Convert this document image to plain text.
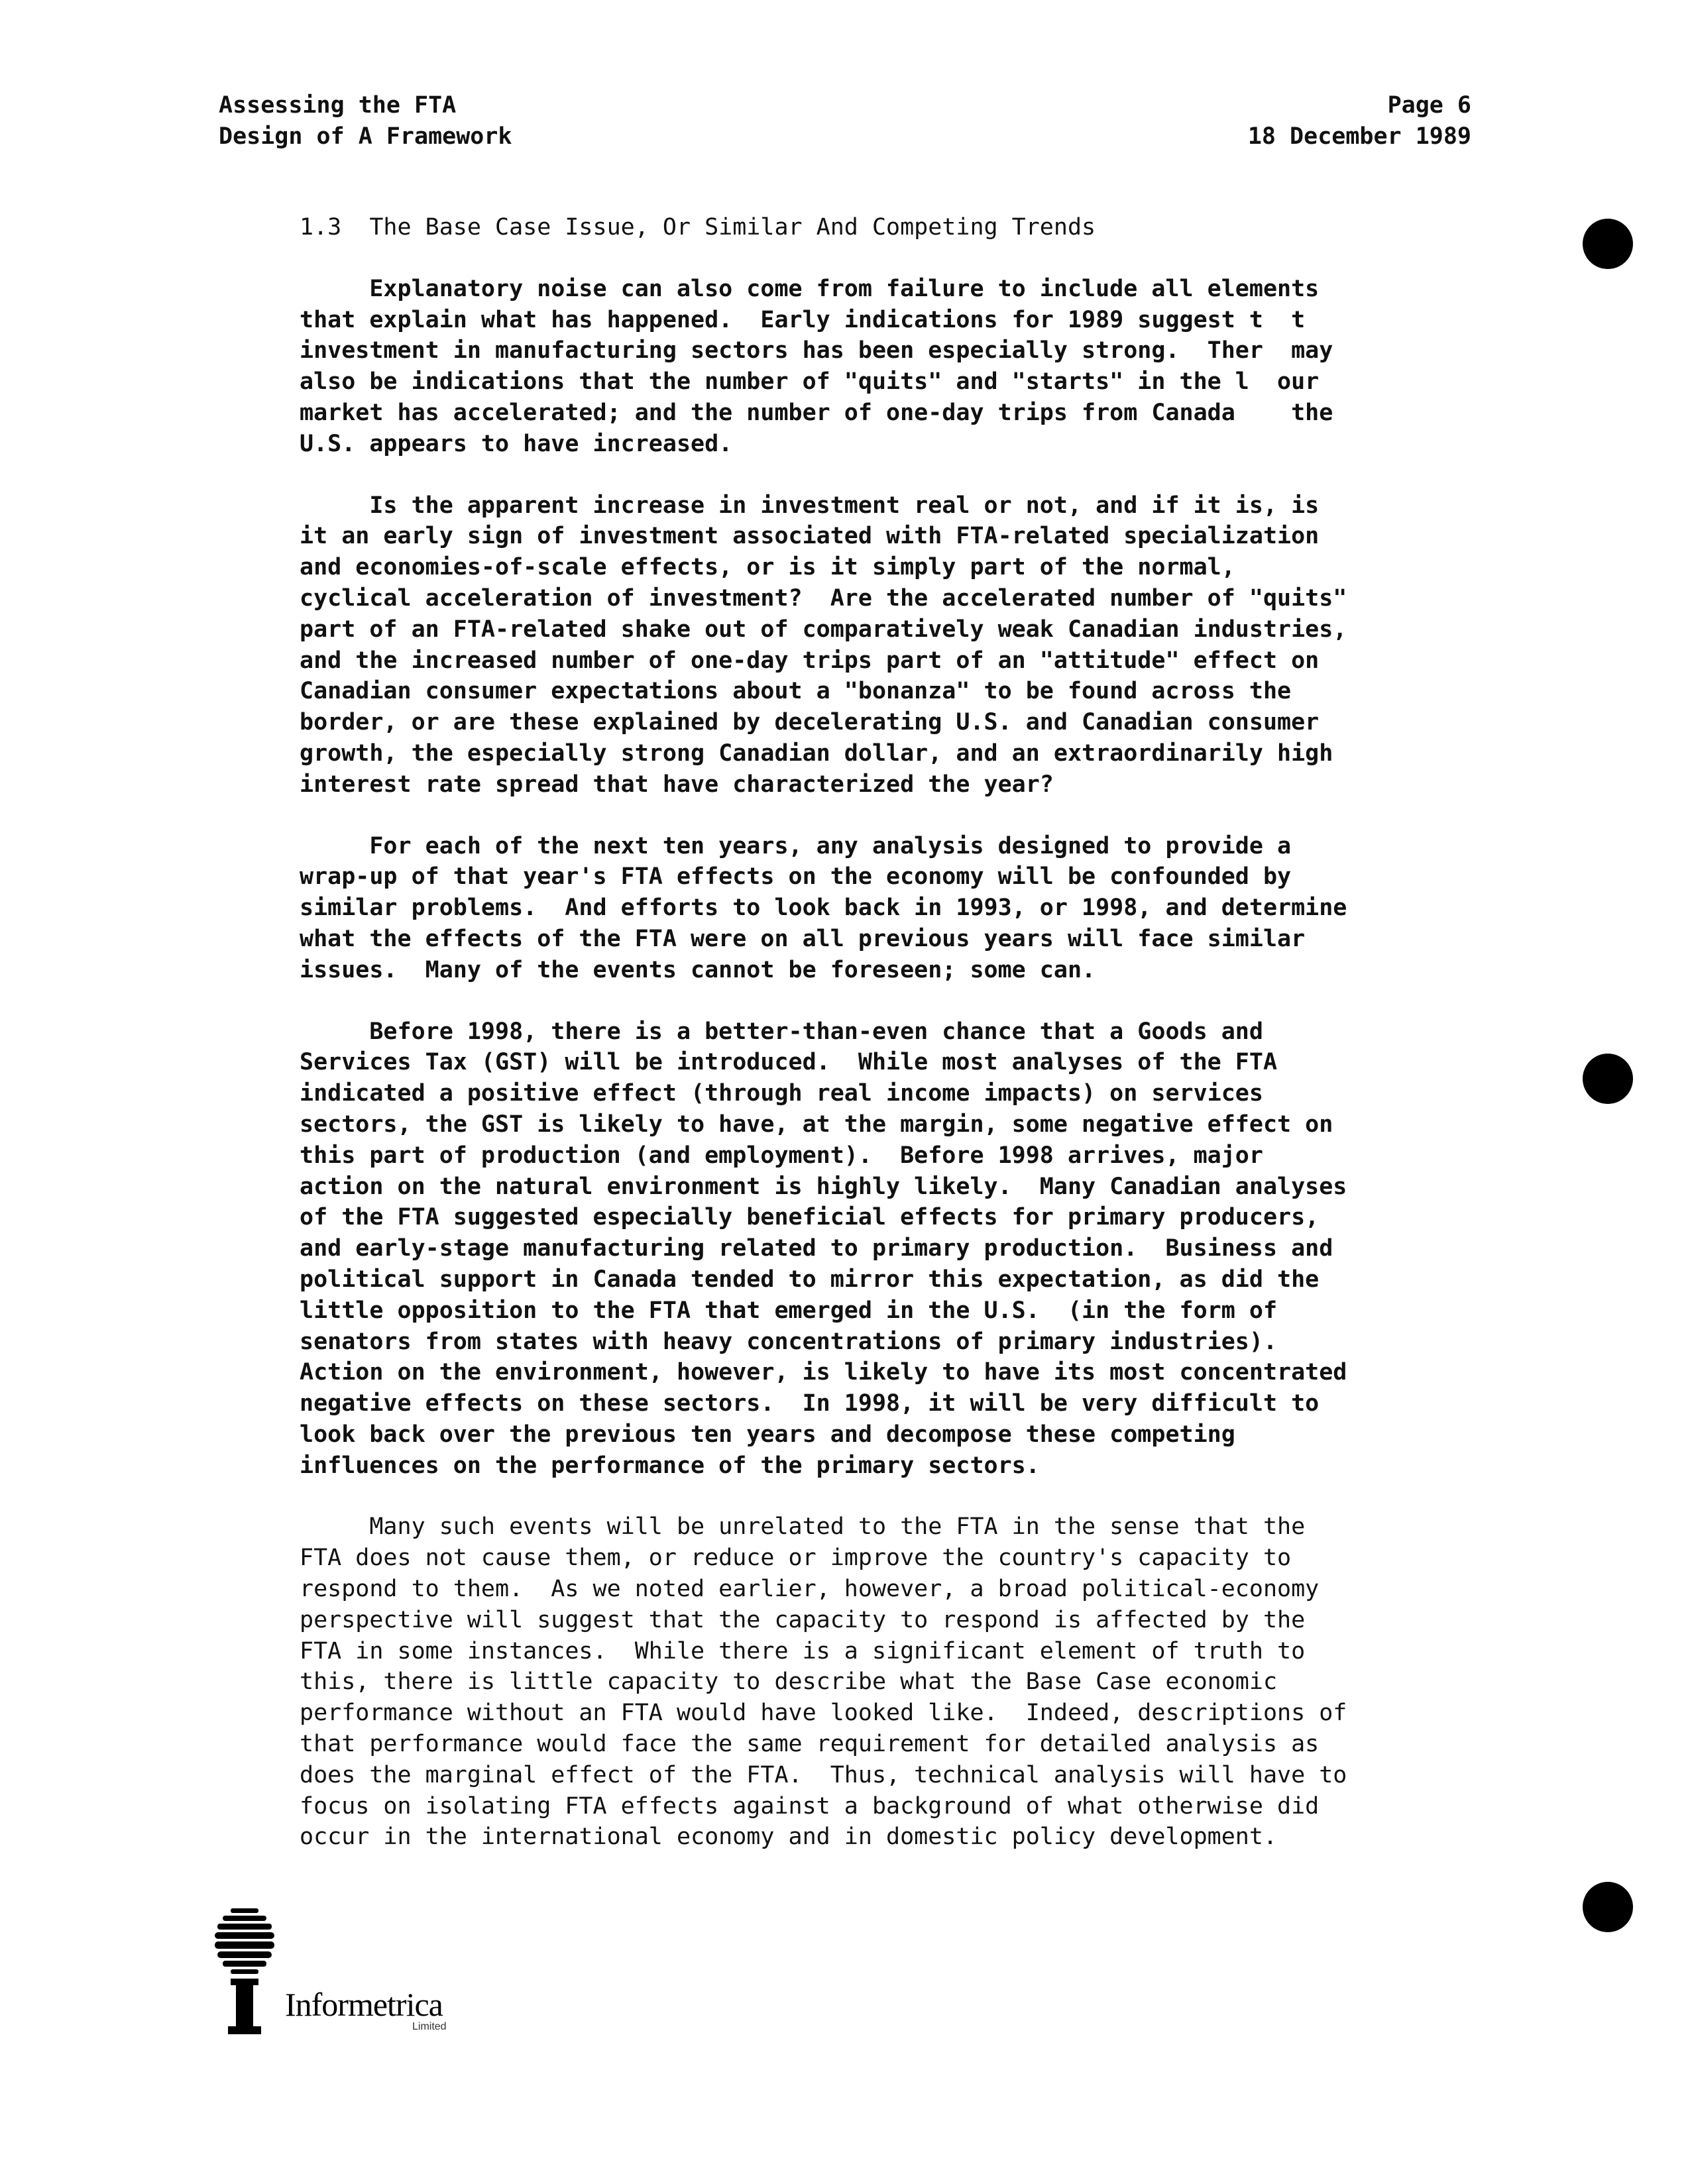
Assessing the FTA
Design of A Framework
Page 6
18 December 1989
1.3  The Base Case Issue, Or Similar And Competing Trends
Explanatory noise can also come from failure to include all elements
that explain what has happened.  Early indications for 1989 suggest t  t
investment in manufacturing sectors has been especially strong.  Ther  may
also be indications that the number of "quits" and "starts" in the l  our
market has accelerated; and the number of one-day trips from Canada    the
U.S. appears to have increased.
Is the apparent increase in investment real or not, and if it is, is
it an early sign of investment associated with FTA-related specialization
and economies-of-scale effects, or is it simply part of the normal,
cyclical acceleration of investment?  Are the accelerated number of "quits"
part of an FTA-related shake out of comparatively weak Canadian industries,
and the increased number of one-day trips part of an "attitude" effect on
Canadian consumer expectations about a "bonanza" to be found across the
border, or are these explained by decelerating U.S. and Canadian consumer
growth, the especially strong Canadian dollar, and an extraordinarily high
interest rate spread that have characterized the year?
For each of the next ten years, any analysis designed to provide a
wrap-up of that year's FTA effects on the economy will be confounded by
similar problems.  And efforts to look back in 1993, or 1998, and determine
what the effects of the FTA were on all previous years will face similar
issues.  Many of the events cannot be foreseen; some can.
Before 1998, there is a better-than-even chance that a Goods and
Services Tax (GST) will be introduced.  While most analyses of the FTA
indicated a positive effect (through real income impacts) on services
sectors, the GST is likely to have, at the margin, some negative effect on
this part of production (and employment).  Before 1998 arrives, major
action on the natural environment is highly likely.  Many Canadian analyses
of the FTA suggested especially beneficial effects for primary producers,
and early-stage manufacturing related to primary production.  Business and
political support in Canada tended to mirror this expectation, as did the
little opposition to the FTA that emerged in the U.S.  (in the form of
senators from states with heavy concentrations of primary industries).
Action on the environment, however, is likely to have its most concentrated
negative effects on these sectors.  In 1998, it will be very difficult to
look back over the previous ten years and decompose these competing
influences on the performance of the primary sectors.
Many such events will be unrelated to the FTA in the sense that the
FTA does not cause them, or reduce or improve the country's capacity to
respond to them.  As we noted earlier, however, a broad political-economy
perspective will suggest that the capacity to respond is affected by the
FTA in some instances.  While there is a significant element of truth to
this, there is little capacity to describe what the Base Case economic
performance without an FTA would have looked like.  Indeed, descriptions of
that performance would face the same requirement for detailed analysis as
does the marginal effect of the FTA.  Thus, technical analysis will have to
focus on isolating FTA effects against a background of what otherwise did
occur in the international economy and in domestic policy development.
Informetrica
Limited
